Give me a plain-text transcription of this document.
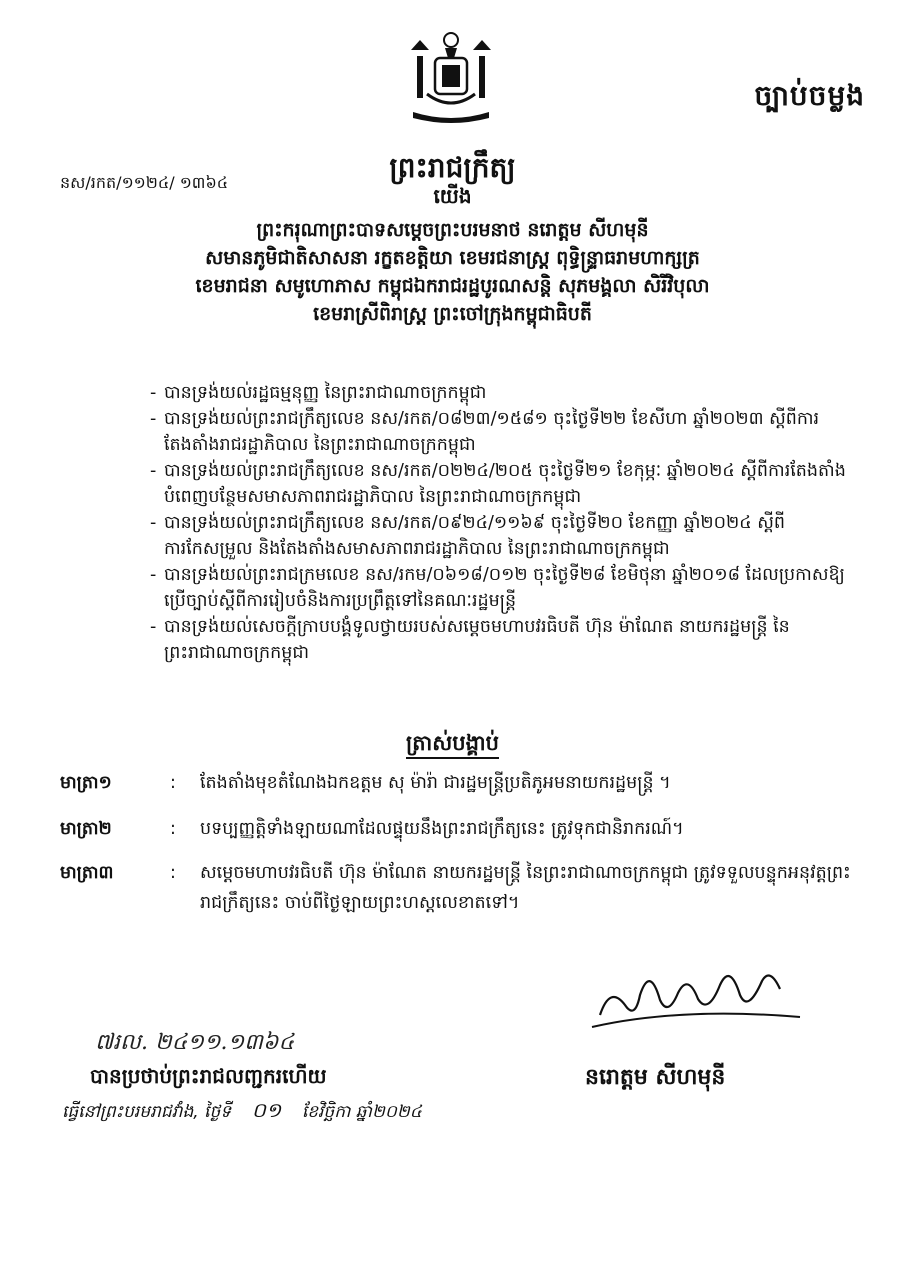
ច្បាប់ចម្លង
ព្រះរាជក្រឹត្យ
នស/រកត/១១២៤/ ១៣៦៤
យើង
ព្រះករុណាព្រះបាទសម្តេចព្រះបរមនាថ នរោត្តម សីហមុនី
សមានភូមិជាតិសាសនា រក្ខតខត្តិយា ខេមរជនាស្ត្រ ពុទ្ធិន្ទ្រាធរាមហាក្សត្រ
ខេមរាជនា សមូហោភាស កម្ពុជឯករាជរដ្ឋបូរណសន្តិ សុភមង្គលា សិរីវិបុលា
ខេមរាស្រីពិរាស្ត្រ ព្រះចៅក្រុងកម្ពុជាធិបតី
- បានទ្រង់យល់រដ្ឋធម្មនុញ្ញ នៃព្រះរាជាណាចក្រកម្ពុជា
- បានទ្រង់យល់ព្រះរាជក្រឹត្យលេខ នស/រកត/០៨២៣/១៥៨១ ចុះថ្ងៃទី២២ ខែសីហា ឆ្នាំ២០២៣ ស្តីពីការតែងតាំងរាជរដ្ឋាភិបាល នៃព្រះរាជាណាចក្រកម្ពុជា
- បានទ្រង់យល់ព្រះរាជក្រឹត្យលេខ នស/រកត/០២២៤/២០៥ ចុះថ្ងៃទី២១ ខែកុម្ភៈ ឆ្នាំ២០២៤ ស្តីពីការតែងតាំងបំពេញបន្ថែមសមាសភាពរាជរដ្ឋាភិបាល នៃព្រះរាជាណាចក្រកម្ពុជា
- បានទ្រង់យល់ព្រះរាជក្រឹត្យលេខ នស/រកត/០៩២៤/១១៦៩ ចុះថ្ងៃទី២០ ខែកញ្ញា ឆ្នាំ២០២៤ ស្តីពីការកែសម្រួល និងតែងតាំងសមាសភាពរាជរដ្ឋាភិបាល នៃព្រះរាជាណាចក្រកម្ពុជា
- បានទ្រង់យល់ព្រះរាជក្រមលេខ នស/រកម/០៦១៨/០១២ ចុះថ្ងៃទី២៨ ខែមិថុនា ឆ្នាំ២០១៨ ដែលប្រកាសឱ្យប្រើច្បាប់ស្តីពីការរៀបចំនិងការប្រព្រឹត្តទៅនៃគណៈរដ្ឋមន្ត្រី
- បានទ្រង់យល់សេចក្តីក្រាបបង្គំទូលថ្វាយរបស់សម្តេចមហាបវរធិបតី ហ៊ុន ម៉ាណែត នាយករដ្ឋមន្ត្រី នៃព្រះរាជាណាចក្រកម្ពុជា
ត្រាស់បង្គាប់
មាត្រា១	:	តែងតាំងមុខតំណែងឯកឧត្តម សុ ម៉ារ៉ា ជារដ្ឋមន្ត្រីប្រតិភូអមនាយករដ្ឋមន្ត្រី ។
មាត្រា២	:	បទប្បញ្ញត្តិទាំងឡាយណាដែលផ្ទុយនឹងព្រះរាជក្រឹត្យនេះ ត្រូវទុកជានិរាករណ៍។
មាត្រា៣	:	សម្តេចមហាបវរធិបតី ហ៊ុន ម៉ាណែត នាយករដ្ឋមន្ត្រី នៃព្រះរាជាណាចក្រកម្ពុជា ត្រូវទទួលបន្ទុកអនុវត្តព្រះរាជក្រឹត្យនេះ ចាប់ពីថ្ងៃឡាយព្រះហស្តលេខាតទៅ។
៧រល. ២៤១១.១៣៦៤
បានប្រថាប់ព្រះរាជលញ្ជករហើយ	នរោត្តម សីហមុនី
ធ្វើនៅព្រះបរមរាជវាំង, ថ្ងៃទី ០១ ខែវិច្ឆិកា ឆ្នាំ២០២៤
